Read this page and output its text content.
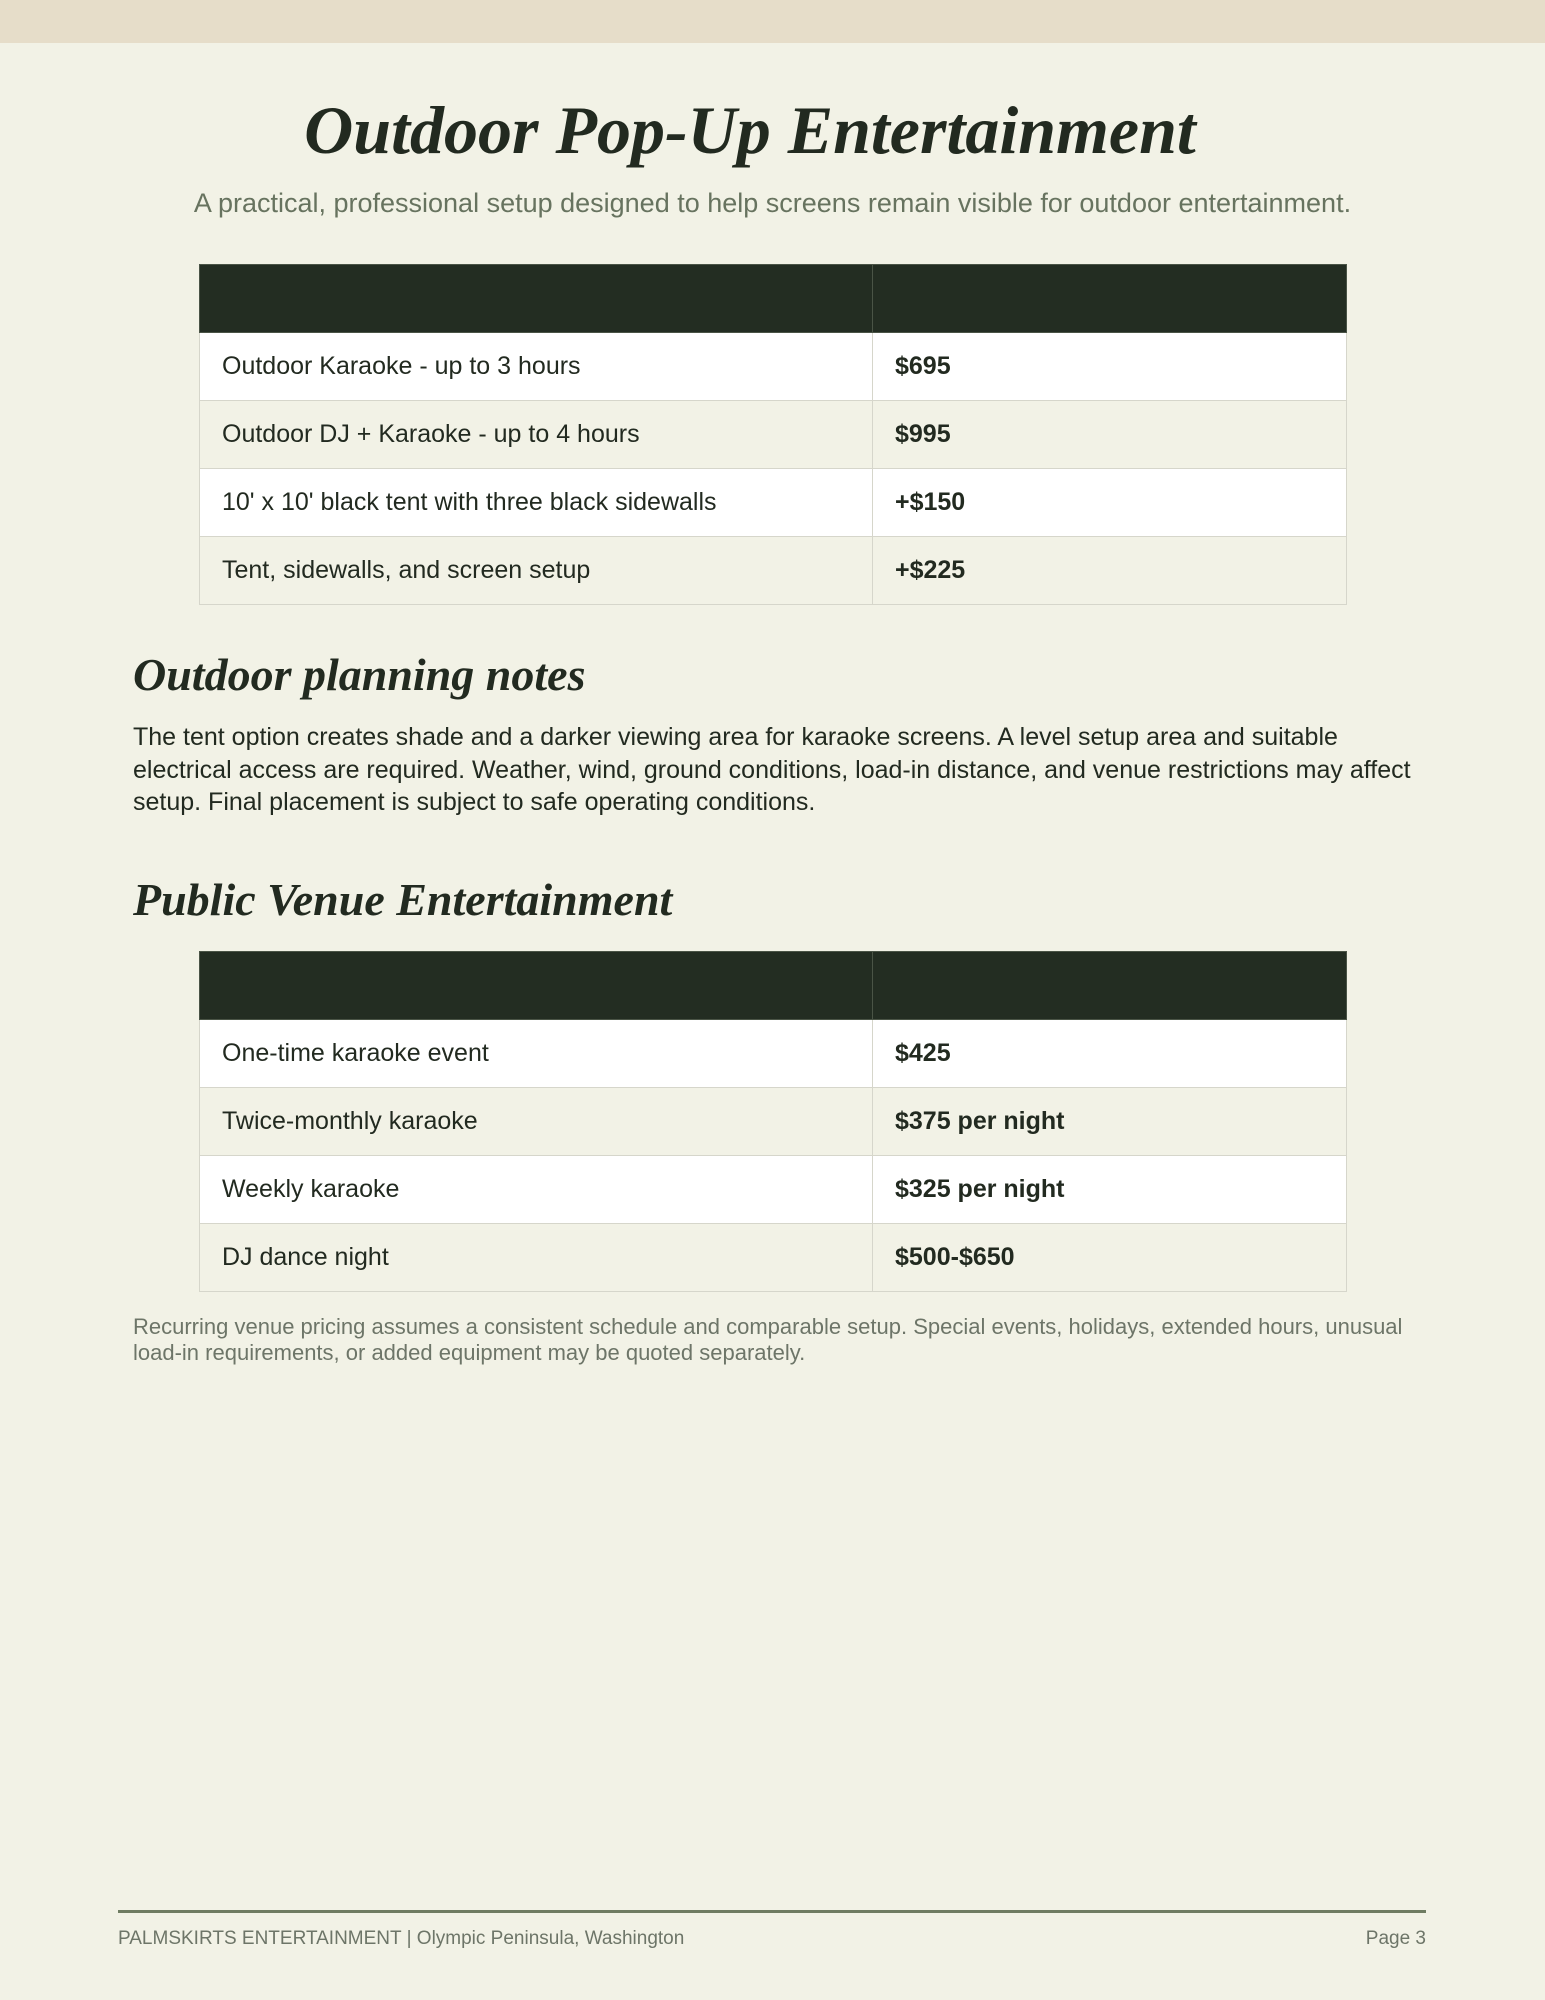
Outdoor Pop-Up Entertainment

A practical, professional setup designed to help screens remain visible for outdoor entertainment.

Outdoor Karaoke - up to 3 hours	$695
Outdoor DJ + Karaoke - up to 4 hours	$995
10' x 10' black tent with three black sidewalls	+$150
Tent, sidewalls, and screen setup	+$225
Outdoor planning notes

The tent option creates shade and a darker viewing area for karaoke screens. A level setup area and suitable electrical access are required. Weather, wind, ground conditions, load-in distance, and venue restrictions may affect setup. Final placement is subject to safe operating conditions.

Public Venue Entertainment

One-time karaoke event	$425
Twice-monthly karaoke	$375 per night
Weekly karaoke	$325 per night
DJ dance night	$500-$650

Recurring venue pricing assumes a consistent schedule and comparable setup. Special events, holidays, extended hours, unusual load-in requirements, or added equipment may be quoted separately.

PALMSKIRTS ENTERTAINMENT | Olympic Peninsula, Washington	Page 3
